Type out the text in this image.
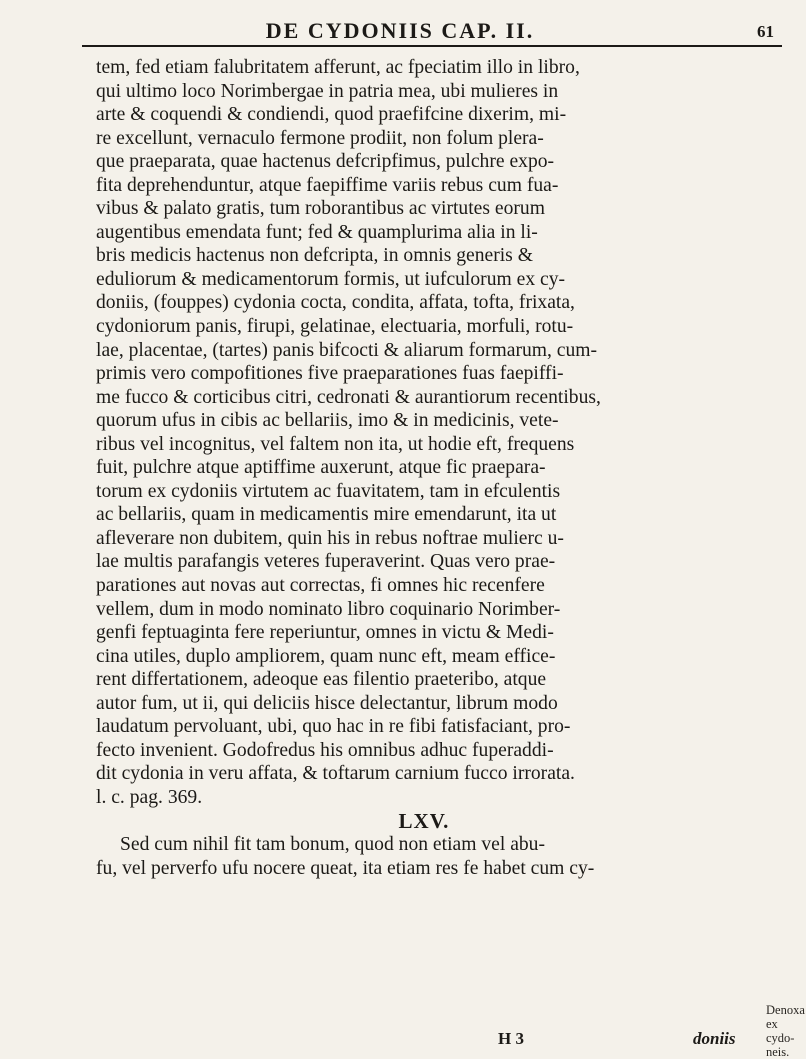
DE CYDONIIS CAP. II.	61
tem, fed etiam falubritatem afferunt, ac fpeciatim illo in libro,
qui ultimo loco Norimbergae in patria mea, ubi mulieres in
arte & coquendi & condiendi, quod praefifcine dixerim, mi-
re excellunt, vernaculo fermone prodiit, non folum plera-
que praeparata, quae hactenus defcripfimus, pulchre expo-
fita deprehenduntur, atque faepiffime variis rebus cum fua-
vibus & palato gratis, tum roborantibus ac virtutes eorum
augentibus emendata funt; fed & quamplurima alia in li-
bris medicis hactenus non defcripta, in omnis generis &
eduliorum & medicamentorum formis, ut iufculorum ex cy-
doniis, (fouppes) cydonia cocta, condita, affata, tofta, frixata,
cydoniorum panis, firupi, gelatinae, electuaria, morfuli, rotu-
lae, placentae, (tartes) panis bifcocti & aliarum formarum, cum-
primis vero compofitiones five praeparationes fuas faepiffi-
me fucco & corticibus citri, cedronati & aurantiorum recentibus,
quorum ufus in cibis ac bellariis, imo & in medicinis, vete-
ribus vel incognitus, vel faltem non ita, ut hodie eft, frequens
fuit, pulchre atque aptiffime auxerunt, atque fic praepara-
torum ex cydoniis virtutem ac fuavitatem, tam in efculentis
ac bellariis, quam in medicamentis mire emendarunt, ita ut
afleverare non dubitem, quin his in rebus noftrae mulierc u-
lae multis parafangis veteres fuperaverint. Quas vero prae-
parationes aut novas aut correctas, fi omnes hic recenfere
vellem, dum in modo nominato libro coquinario Norimber-
genfi feptuaginta fere reperiuntur, omnes in victu & Medi-
cina utiles, duplo ampliorem, quam nunc eft, meam effice-
rent differtationem, adeoque eas filentio praeteribo, atque
autor fum, ut ii, qui deliciis hisce delectantur, librum modo
laudatum pervoluant, ubi, quo hac in re fibi fatisfaciant, pro-
fecto invenient. Godofredus his omnibus adhuc fuperaddi-
dit cydonia in veru affata, & toftarum carnium fucco irrorata.
l. c. pag. 369.
LXV.
Sed cum nihil fit tam bonum, quod non etiam vel abu-
fu, vel perverfo ufu nocere queat, ita etiam res fe habet cum cy-
Denoxa
ex cydo-
neis.
H 3	doniis
